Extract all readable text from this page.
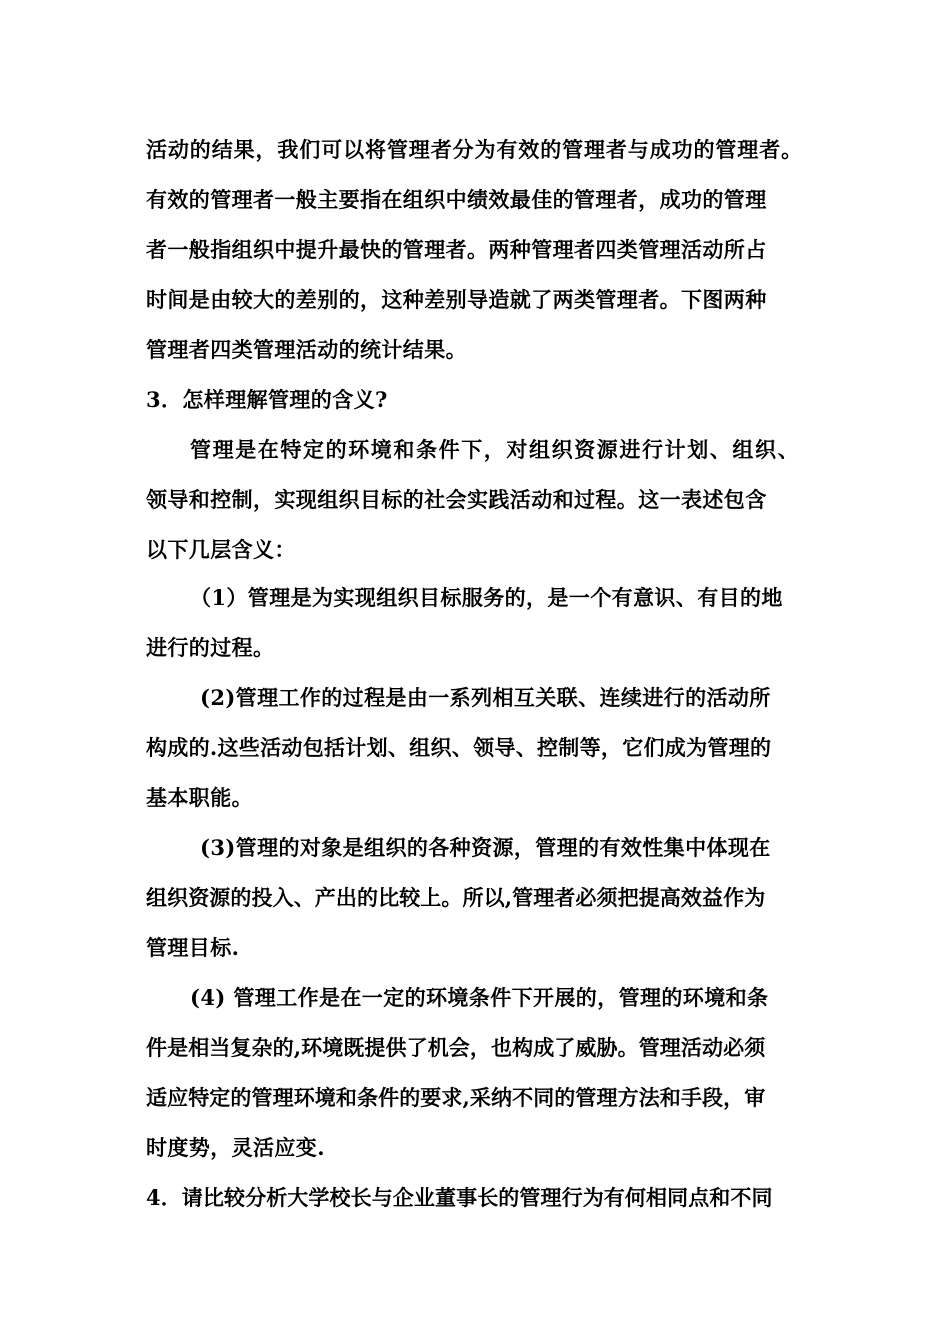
活动的结果，我们可以将管理者分为有效的管理者与成功的管理者。
有效的管理者一般主要指在组织中绩效最佳的管理者，成功的管理
者一般指组织中提升最快的管理者。两种管理者四类管理活动所占
时间是由较大的差别的，这种差别导造就了两类管理者。下图两种
管理者四类管理活动的统计结果。
3．怎样理解管理的含义?
管理是在特定的环境和条件下，对组织资源进行计划、组织、
领导和控制，实现组织目标的社会实践活动和过程。这一表述包含
以下几层含义：
（1）管理是为实现组织目标服务的，是一个有意识、有目的地
进行的过程。
(2)管理工作的过程是由一系列相互关联、连续进行的活动所
构成的.这些活动包括计划、组织、领导、控制等，它们成为管理的
基本职能。
(3)管理的对象是组织的各种资源，管理的有效性集中体现在
组织资源的投入、产出的比较上。所以,管理者必须把提高效益作为
管理目标.
(4) 管理工作是在一定的环境条件下开展的，管理的环境和条
件是相当复杂的,环境既提供了机会，也构成了威胁。管理活动必须
适应特定的管理环境和条件的要求,采纳不同的管理方法和手段，审
时度势，灵活应变.
4．请比较分析大学校长与企业董事长的管理行为有何相同点和不同
